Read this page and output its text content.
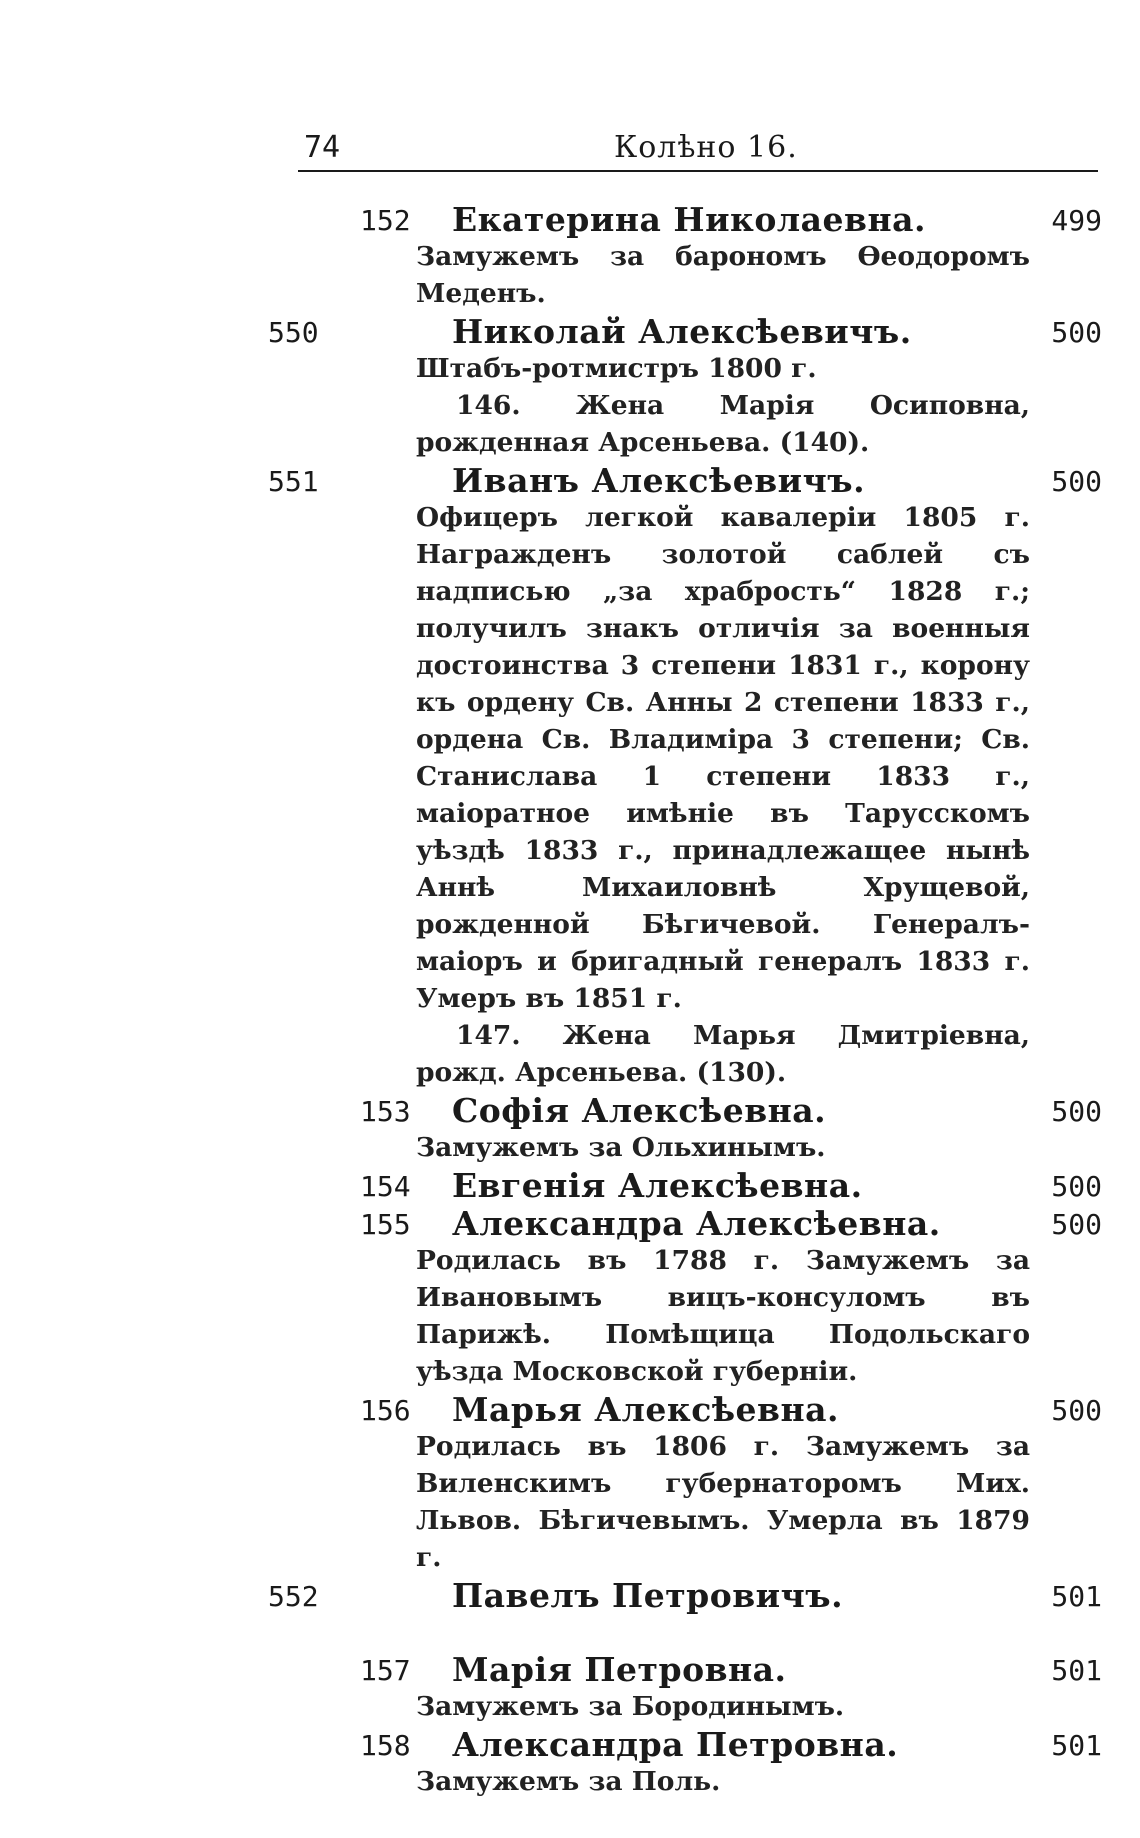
74	Колѣно 16.
152	Екатерина Николаевна.	499
Замужемъ за барономъ Өеодоромъ Меденъ.
550	Николай Алексѣевичъ.	500
Штабъ-ротмистръ 1800 г.
146. Жена Марія Осиповна, рожденная Арсеньева. (140).
551	Иванъ Алексѣевичъ.	500
Офицеръ легкой кавалеріи 1805 г. Награжденъ золотой саблей съ надписью „за храбрость“ 1828 г.; получилъ знакъ отличія за военныя достоинства 3 степени 1831 г., корону къ ордену Св. Анны 2 степени 1833 г., ордена Св. Владиміра 3 степени; Св. Станислава 1 степени 1833 г., маіоратное имѣніе въ Тарусскомъ уѣздѣ 1833 г., принадлежащее нынѣ Аннѣ Михаиловнѣ Хрущевой, рожденной Бѣгичевой. Генералъ-маіоръ и бригадный генералъ 1833 г. Умеръ въ 1851 г.
147. Жена Марья Дмитріевна, рожд. Арсеньева. (130).
153	Софія Алексѣевна.	500
Замужемъ за Ольхинымъ.
154	Евгенія Алексѣевна.	500
155	Александра Алексѣевна.	500
Родилась въ 1788 г. Замужемъ за Ивановымъ вицъ-консуломъ въ Парижѣ. Помѣщица Подольскаго уѣзда Московской губерніи.
156	Марья Алексѣевна.	500
Родилась въ 1806 г. Замужемъ за Виленскимъ губернаторомъ Мих. Львов. Бѣгичевымъ. Умерла въ 1879 г.
552	Павелъ Петровичъ.	501
157	Марія Петровна.	501
Замужемъ за Бородинымъ.
158	Александра Петровна.	501
Замужемъ за Поль.
